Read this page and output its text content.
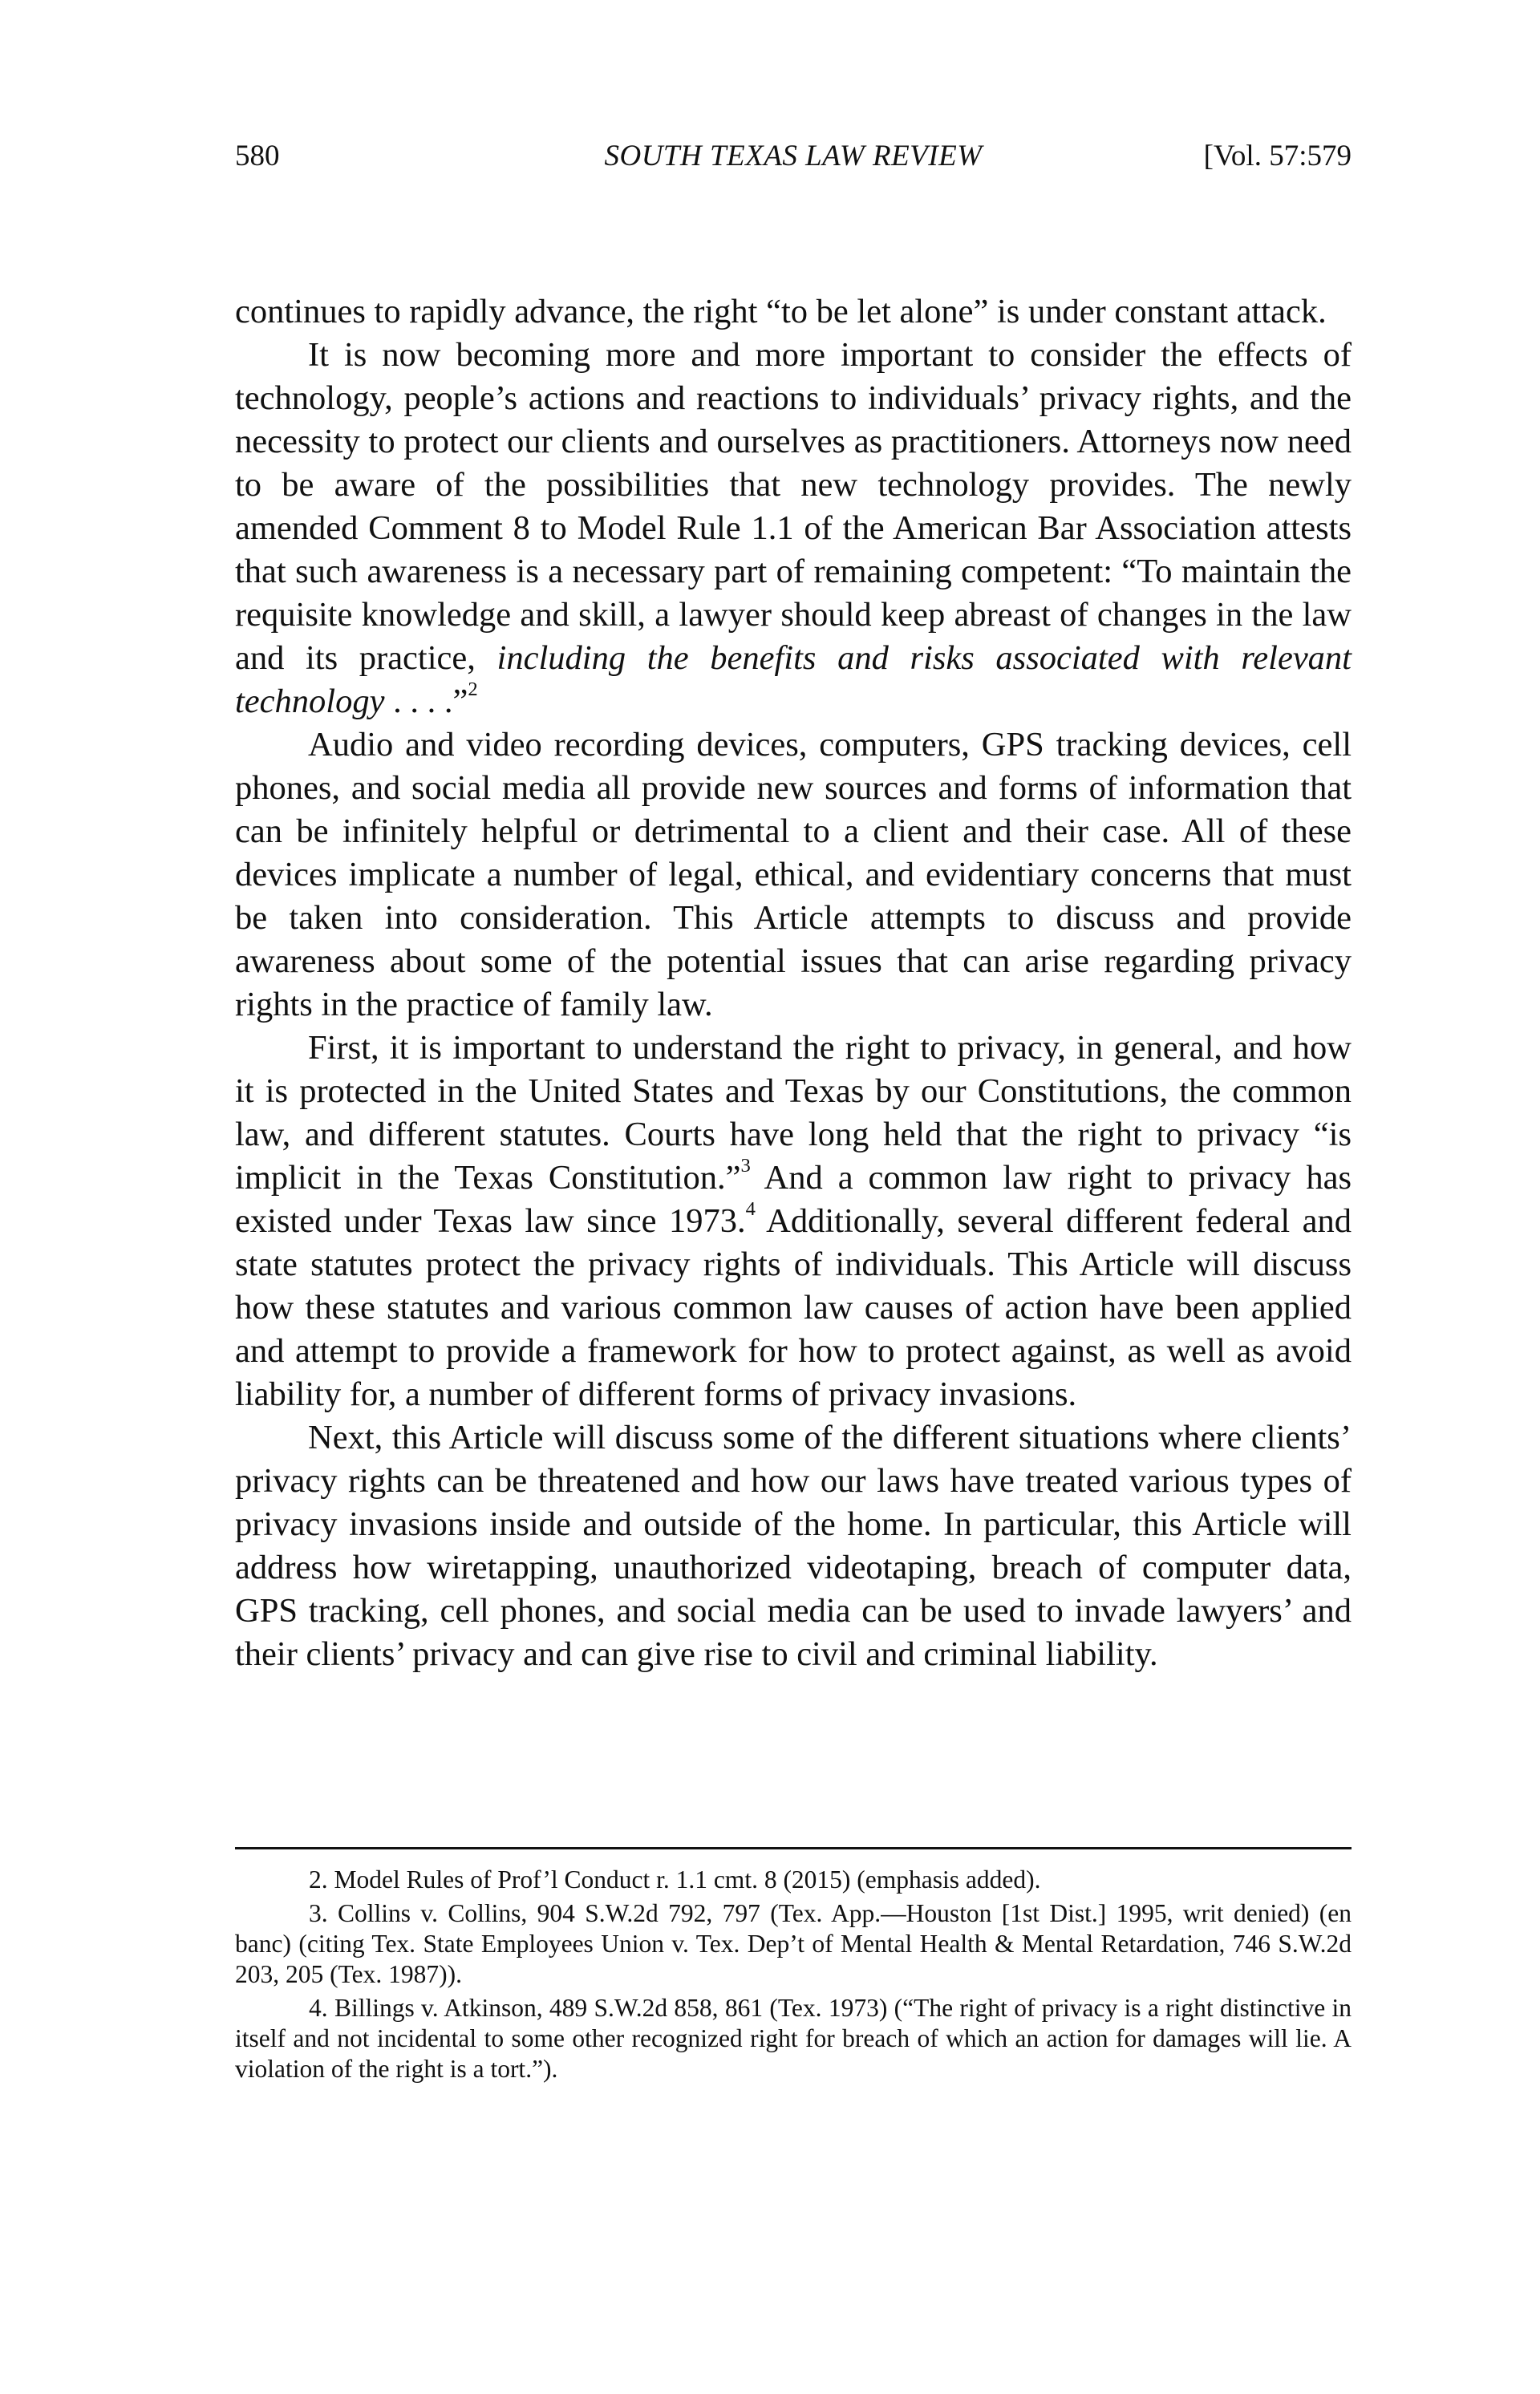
580	SOUTH TEXAS LAW REVIEW	[Vol. 57:579

continues to rapidly advance, the right “to be let alone” is under constant attack.

It is now becoming more and more important to consider the effects of technology, people’s actions and reactions to individuals’ privacy rights, and the necessity to protect our clients and ourselves as practitioners. Attorneys now need to be aware of the possibilities that new technology provides. The newly amended Comment 8 to Model Rule 1.1 of the American Bar Association attests that such awareness is a necessary part of remaining competent: “To maintain the requisite knowledge and skill, a lawyer should keep abreast of changes in the law and its practice, including the benefits and risks associated with relevant technology . . . .”$^2$

Audio and video recording devices, computers, GPS tracking devices, cell phones, and social media all provide new sources and forms of information that can be infinitely helpful or detrimental to a client and their case. All of these devices implicate a number of legal, ethical, and evidentiary concerns that must be taken into consideration. This Article attempts to discuss and provide awareness about some of the potential issues that can arise regarding privacy rights in the practice of family law.

First, it is important to understand the right to privacy, in general, and how it is protected in the United States and Texas by our Constitutions, the common law, and different statutes. Courts have long held that the right to privacy “is implicit in the Texas Constitution.”$^3$ And a common law right to privacy has existed under Texas law since 1973.$^4$ Additionally, several different federal and state statutes protect the privacy rights of individuals. This Article will discuss how these statutes and various common law causes of action have been applied and attempt to provide a framework for how to protect against, as well as avoid liability for, a number of different forms of privacy invasions.

Next, this Article will discuss some of the different situations where clients’ privacy rights can be threatened and how our laws have treated various types of privacy invasions inside and outside of the home. In particular, this Article will address how wiretapping, unauthorized videotaping, breach of computer data, GPS tracking, cell phones, and social media can be used to invade lawyers’ and their clients’ privacy and can give rise to civil and criminal liability.

2. Model Rules of Prof’l Conduct r. 1.1 cmt. 8 (2015) (emphasis added).

3. Collins v. Collins, 904 S.W.2d 792, 797 (Tex. App.—Houston [1st Dist.] 1995, writ denied) (en banc) (citing Tex. State Employees Union v. Tex. Dep’t of Mental Health & Mental Retardation, 746 S.W.2d 203, 205 (Tex. 1987)).

4. Billings v. Atkinson, 489 S.W.2d 858, 861 (Tex. 1973) (“The right of privacy is a right distinctive in itself and not incidental to some other recognized right for breach of which an action for damages will lie. A violation of the right is a tort.”).
